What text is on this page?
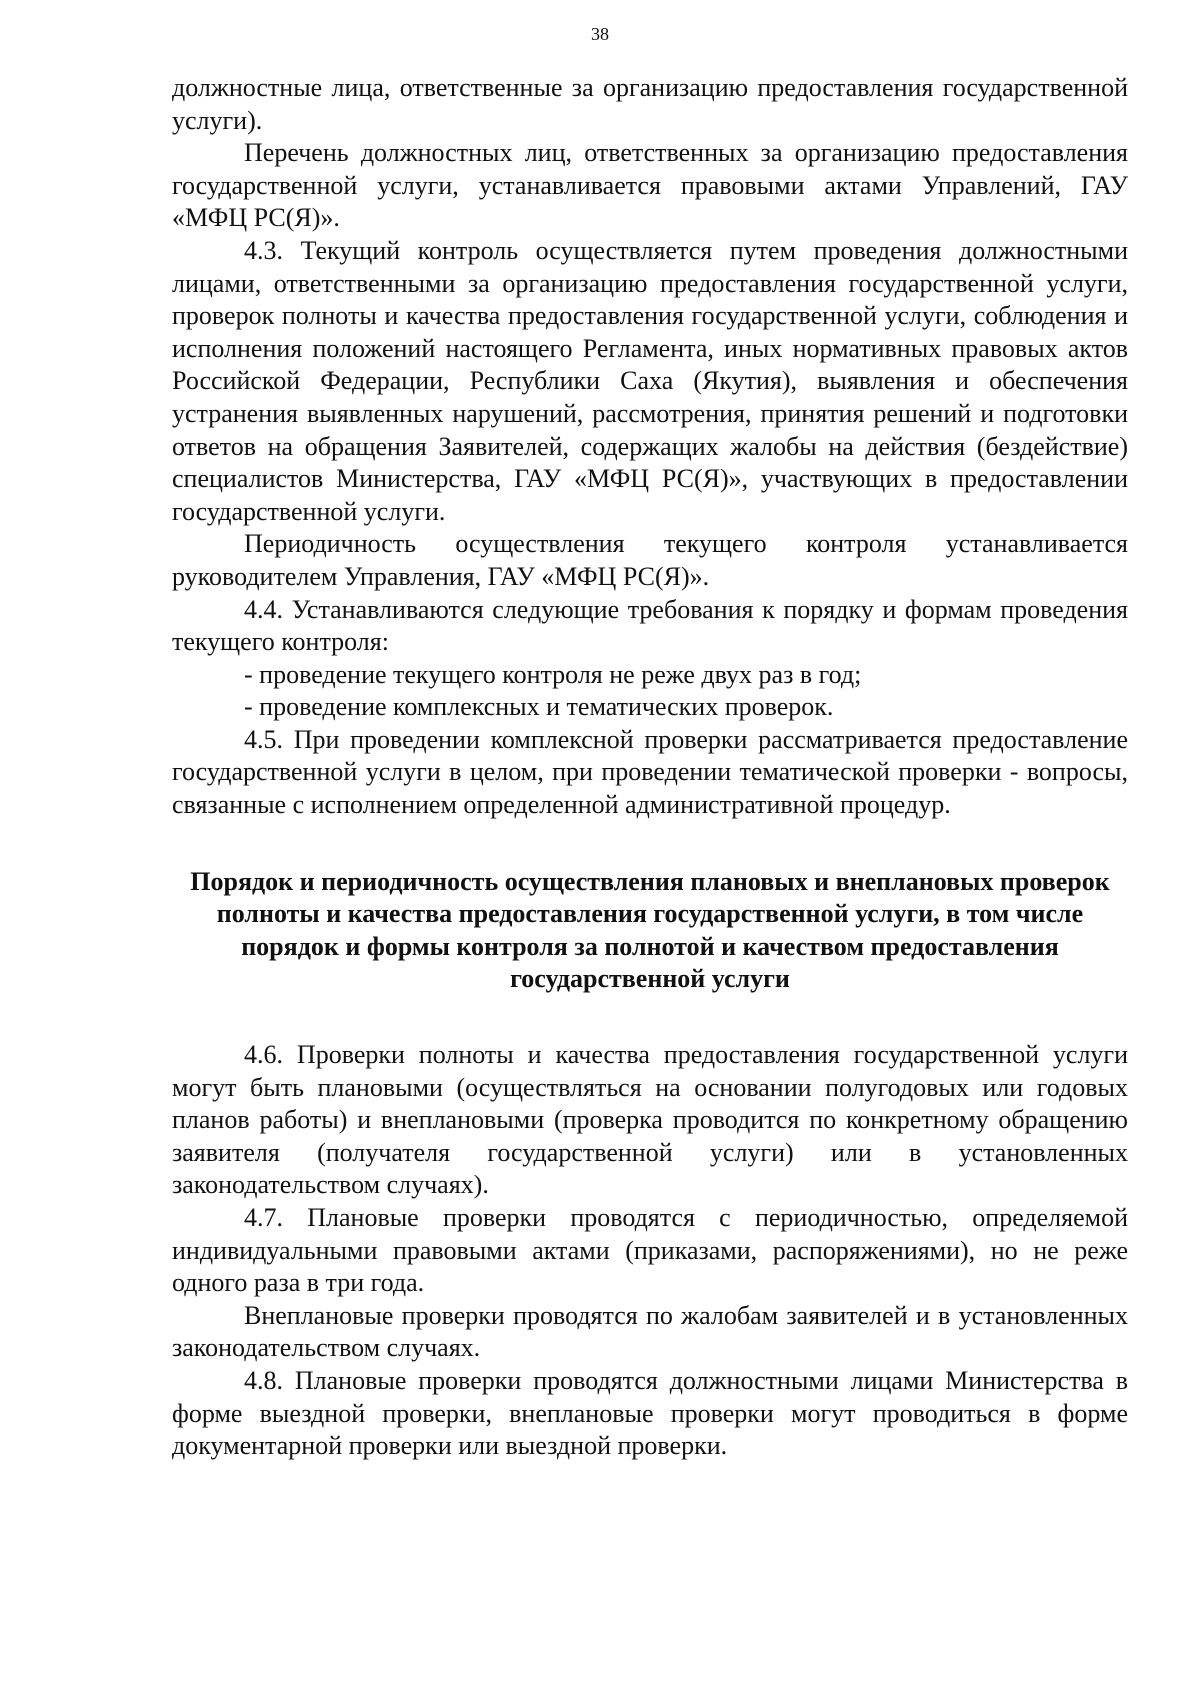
38

должностные лица, ответственные за организацию предоставления государственной услуги).

Перечень должностных лиц, ответственных за организацию предоставления государственной услуги, устанавливается правовыми актами Управлений, ГАУ «МФЦ РС(Я)».

4.3. Текущий контроль осуществляется путем проведения должностными лицами, ответственными за организацию предоставления государственной услуги, проверок полноты и качества предоставления государственной услуги, соблюдения и исполнения положений настоящего Регламента, иных нормативных правовых актов Российской Федерации, Республики Саха (Якутия), выявления и обеспечения устранения выявленных нарушений, рассмотрения, принятия решений и подготовки ответов на обращения Заявителей, содержащих жалобы на действия (бездействие) специалистов Министерства, ГАУ «МФЦ РС(Я)», участвующих в предоставлении государственной услуги.

Периодичность осуществления текущего контроля устанавливается руководителем Управления, ГАУ «МФЦ РС(Я)».

4.4. Устанавливаются следующие требования к порядку и формам проведения текущего контроля:

- проведение текущего контроля не реже двух раз в год;

- проведение комплексных и тематических проверок.

4.5. При проведении комплексной проверки рассматривается предоставление государственной услуги в целом, при проведении тематической проверки - вопросы, связанные с исполнением определенной административной процедур.

Порядок и периодичность осуществления плановых и внеплановых проверок полноты и качества предоставления государственной услуги, в том числе порядок и формы контроля за полнотой и качеством предоставления государственной услуги

4.6. Проверки полноты и качества предоставления государственной услуги могут быть плановыми (осуществляться на основании полугодовых или годовых планов работы) и внеплановыми (проверка проводится по конкретному обращению заявителя (получателя государственной услуги) или в установленных законодательством случаях).

4.7. Плановые проверки проводятся с периодичностью, определяемой индивидуальными правовыми актами (приказами, распоряжениями), но не реже одного раза в три года.

Внеплановые проверки проводятся по жалобам заявителей и в установленных законодательством случаях.

4.8. Плановые проверки проводятся должностными лицами Министерства в форме выездной проверки, внеплановые проверки могут проводиться в форме документарной проверки или выездной проверки.
